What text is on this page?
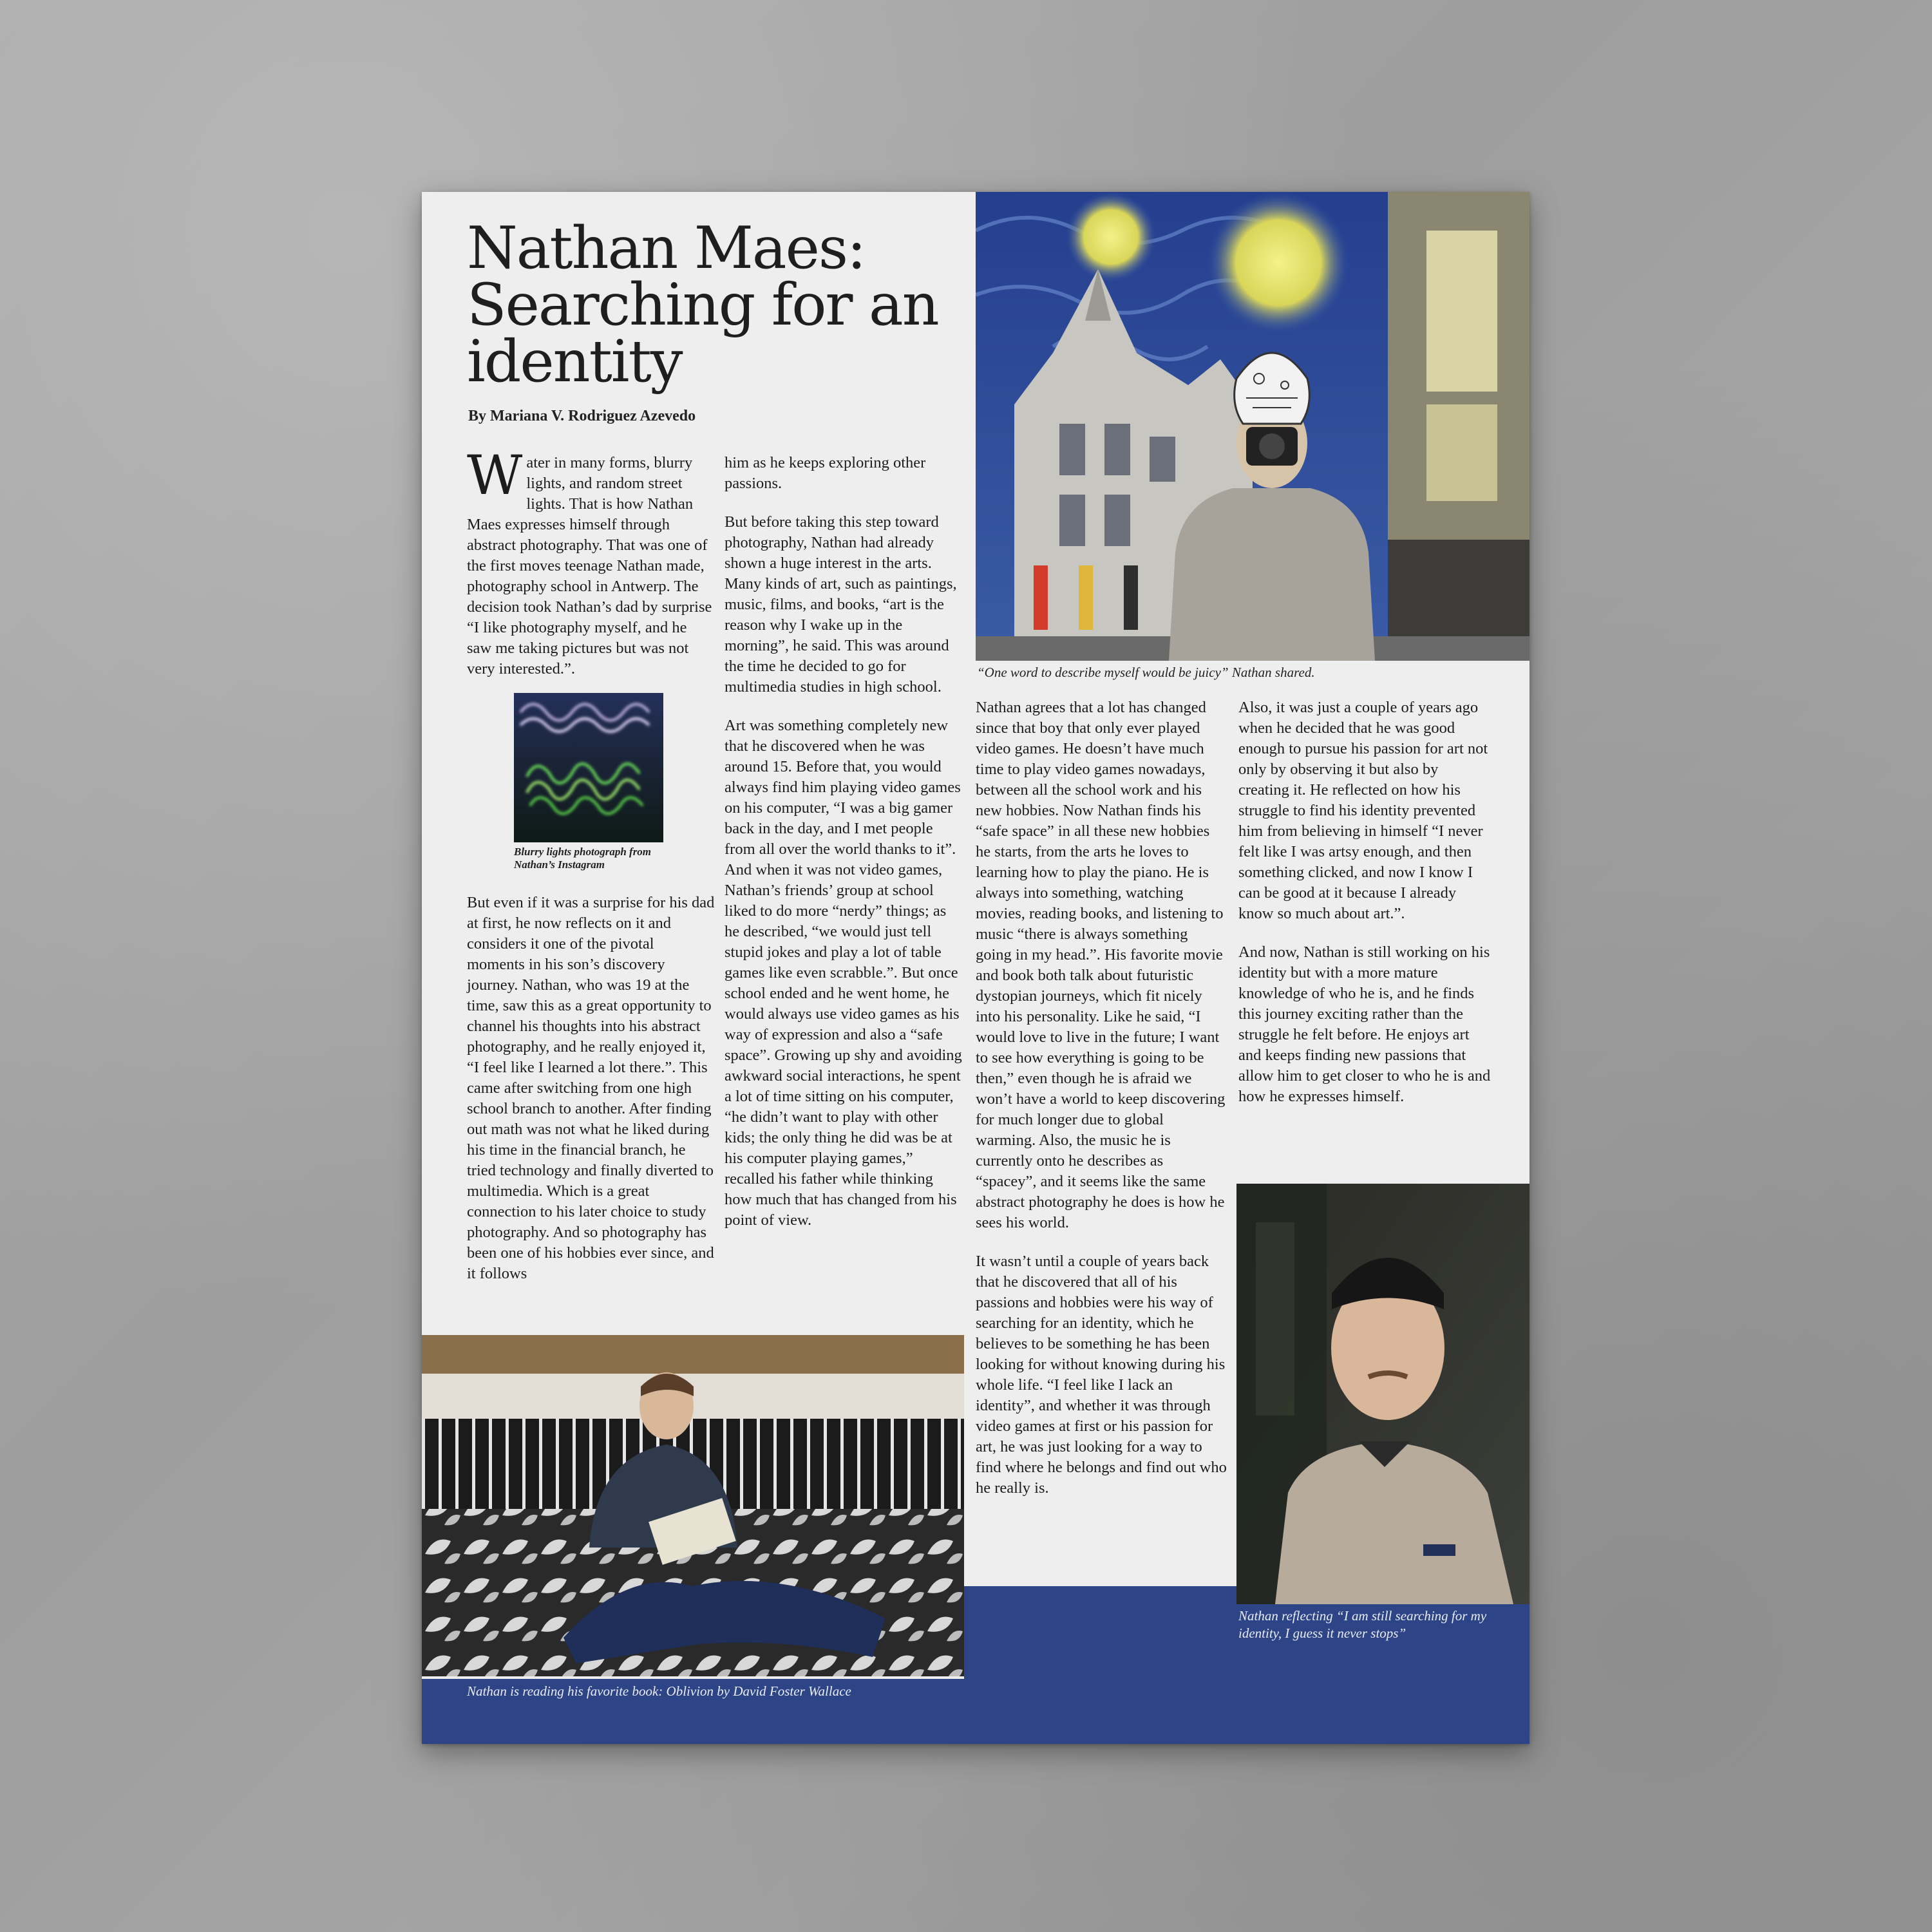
Nathan Maes:
Searching for an
identity
By Mariana V. Rodriguez Azevedo

Water in many forms, blurry lights, and random street lights. That is how Nathan Maes expresses himself through abstract photography. That was one of the first moves teenage Nathan made, photography school in Antwerp. The decision took Nathan’s dad by surprise “I like photography myself, and he saw me taking pictures but was not very interested.”.

Blurry lights photograph from Nathan’s Instagram

But even if it was a surprise for his dad at first, he now reflects on it and considers it one of the pivotal moments in his son’s discovery journey. Nathan, who was 19 at the time, saw this as a great opportunity to channel his thoughts into his abstract photography, and he really enjoyed it, “I feel like I learned a lot there.”. This came after switching from one high school branch to another. After finding out math was not what he liked during his time in the financial branch, he tried technology and finally diverted to multimedia. Which is a great connection to his later choice to study photography. And so photography has been one of his hobbies ever since, and it follows

him as he keeps exploring other passions.

But before taking this step toward photography, Nathan had already shown a huge interest in the arts. Many kinds of art, such as paintings, music, films, and books, “art is the reason why I wake up in the morning”, he said. This was around the time he decided to go for multimedia studies in high school.

Art was something completely new that he discovered when he was around 15. Before that, you would always find him playing video games on his computer, “I was a big gamer back in the day, and I met people from all over the world thanks to it”. And when it was not video games, Nathan’s friends’ group at school liked to do more “nerdy” things; as he described, “we would just tell stupid jokes and play a lot of table games like even scrabble.”. But once school ended and he went home, he would always use video games as his way of expression and also a “safe space”. Growing up shy and avoiding awkward social interactions, he spent a lot of time sitting on his computer, “he didn’t want to play with other kids; the only thing he did was be at his computer playing games,” recalled his father while thinking how much that has changed from his point of view.

“One word to describe myself would be juicy” Nathan shared.

Nathan agrees that a lot has changed since that boy that only ever played video games. He doesn’t have much time to play video games nowadays, between all the school work and his new hobbies. Now Nathan finds his “safe space” in all these new hobbies he starts, from the arts he loves to learning how to play the piano. He is always into something, watching movies, reading books, and listening to music “there is always something going in my head.”. His favorite movie and book both talk about futuristic dystopian journeys, which fit nicely into his personality. Like he said, “I would love to live in the future; I want to see how everything is going to be then,” even though he is afraid we won’t have a world to keep discovering for much longer due to global warming. Also, the music he is currently onto he describes as “spacey”, and it seems like the same abstract photography he does is how he sees his world.

It wasn’t until a couple of years back that he discovered that all of his passions and hobbies were his way of searching for an identity, which he believes to be something he has been looking for without knowing during his whole life. “I feel like I lack an identity”, and whether it was through video games at first or his passion for art, he was just looking for a way to find where he belongs and find out who he really is.

Also, it was just a couple of years ago when he decided that he was good enough to pursue his passion for art not only by observing it but also by creating it. He reflected on how his struggle to find his identity prevented him from believing in himself “I never felt like I was artsy enough, and then something clicked, and now I know I can be good at it because I already know so much about art.”.

And now, Nathan is still working on his identity but with a more mature knowledge of who he is, and he finds this journey exciting rather than the struggle he felt before. He enjoys art and keeps finding new passions that allow him to get closer to who he is and how he expresses himself.

Nathan is reading his favorite book: Oblivion by David Foster Wallace
Nathan reflecting “I am still searching for my identity, I guess it never stops”
